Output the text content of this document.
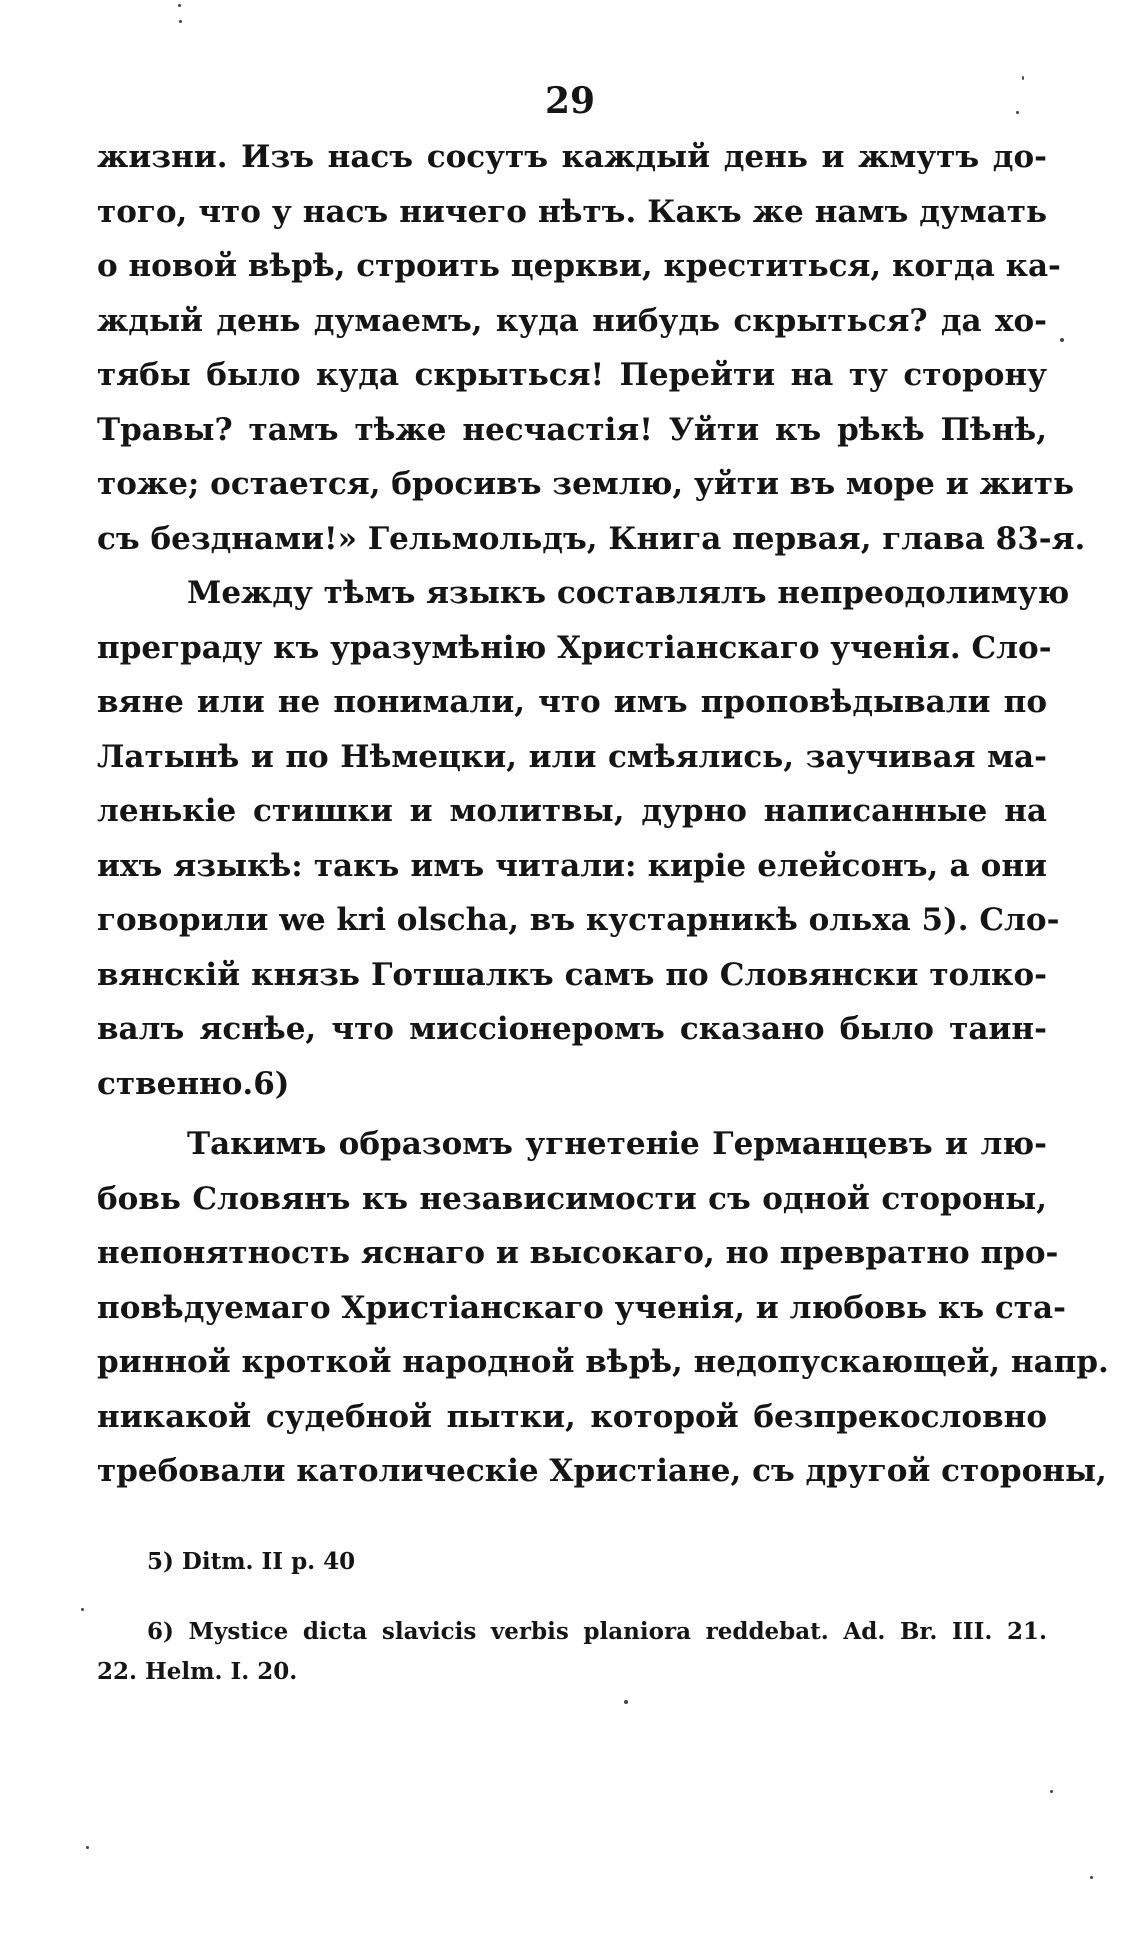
29
жизни. Изъ насъ сосутъ каждый день и жмутъ до-
того, что у насъ ничего нѣтъ. Какъ же намъ думать
о новой вѣрѣ, строить церкви, креститься, когда ка-
ждый день думаемъ, куда нибудь скрыться? да хо-
тябы было куда скрыться! Перейти на ту сторону
Травы? тамъ тѣже несчастія! Уйти къ рѣкѣ Пѣнѣ,
тоже; остается, бросивъ землю, уйти въ море и жить
съ безднами!» Гельмольдъ, Книга первая, глава 83-я.
Между тѣмъ языкъ составлялъ непреодолимую
преграду къ уразумѣнію Христіанскаго ученія. Сло-
вяне или не понимали, что имъ проповѣдывали по
Латынѣ и по Нѣмецки, или смѣялись, заучивая ма-
ленькіе стишки и молитвы, дурно написанные на
ихъ языкѣ: такъ имъ читали: киріе елейсонъ, а они
говорили we kri olscha, въ кустарникѣ ольха 5). Сло-
вянскій князь Готшалкъ самъ по Словянски толко-
валъ яснѣе, что миссіонеромъ сказано было таин-
ственно.6)
Такимъ образомъ угнетеніе Германцевъ и лю-
бовь Словянъ къ независимости съ одной стороны,
непонятность яснаго и высокаго, но превратно про-
повѣдуемаго Христіанскаго ученія, и любовь къ ста-
ринной кроткой народной вѣрѣ, недопускающей, напр.
никакой судебной пытки, которой безпрекословно
требовали католическіе Христіане, съ другой стороны,
5) Ditm. II p. 40
6) Mystice dicta slavicis verbis planiora reddebat. Ad. Br. III. 21.
22. Helm. I. 20.
